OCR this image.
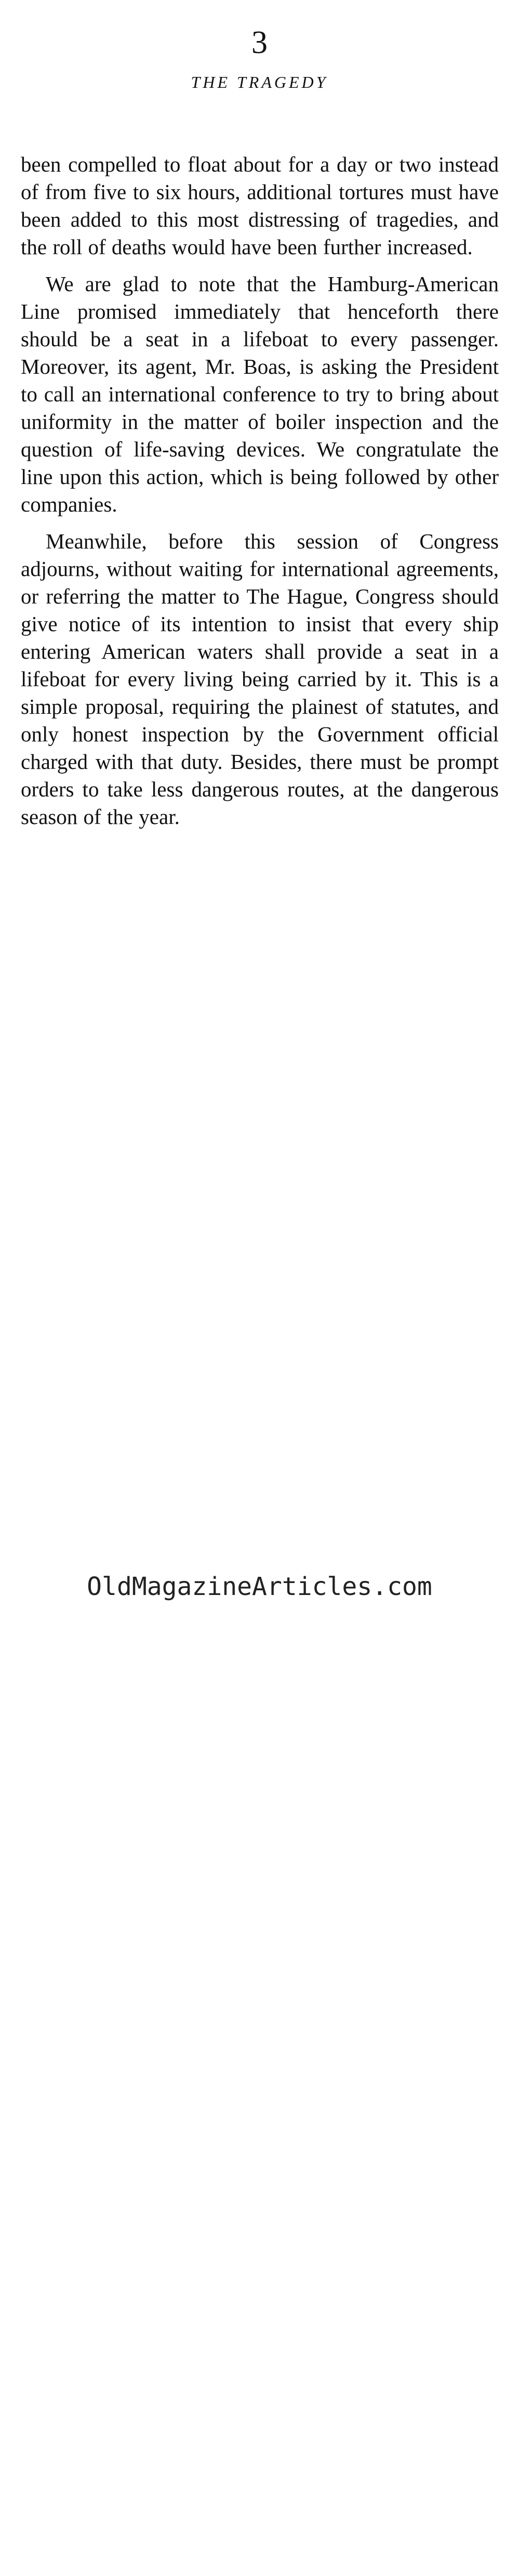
3
THE TRAGEDY

been compelled to float about for a day or two instead of from five to six hours, additional tortures must have been added to this most distressing of tragedies, and the roll of deaths would have been further increased.

We are glad to note that the Hamburg-American Line promised immediately that henceforth there should be a seat in a lifeboat to every passenger. Moreover, its agent, Mr. Boas, is asking the President to call an international conference to try to bring about uniformity in the matter of boiler inspection and the question of life-saving devices. We congratulate the line upon this action, which is being followed by other companies.

Meanwhile, before this session of Congress adjourns, without waiting for international agreements, or referring the matter to The Hague, Congress should give notice of its intention to insist that every ship entering American waters shall provide a seat in a lifeboat for every living being carried by it. This is a simple proposal, requiring the plainest of statutes, and only honest inspection by the Government official charged with that duty. Besides, there must be prompt orders to take less dangerous routes, at the dangerous season of the year.

OldMagazineArticles.com
